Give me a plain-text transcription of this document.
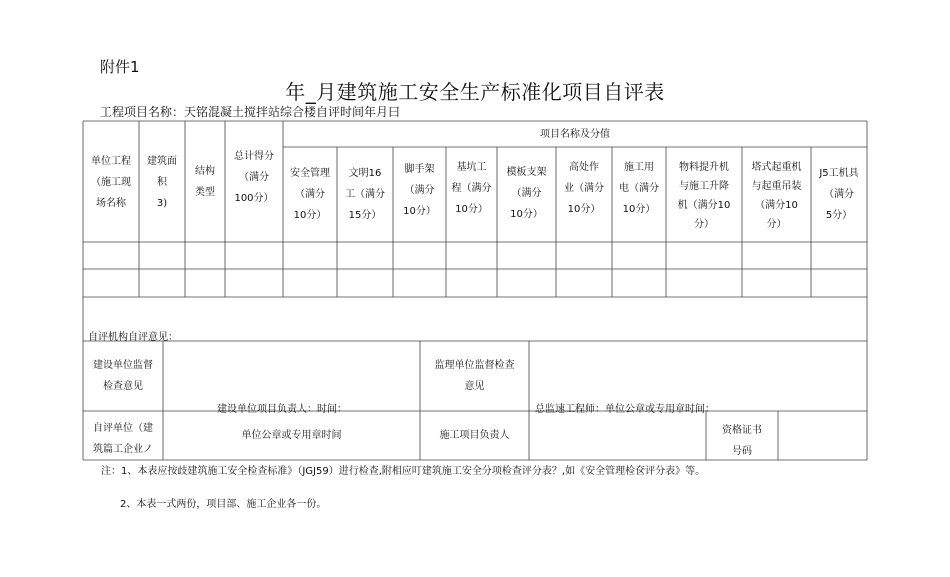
附件1
年_月建筑施工安全生产标准化项目自评表
工程项目名称：天铭混凝土搅拌站综合楼自评时间年月曰
项目名称及分值
单位工程
（施工现
场名称
建筑面
积
3)
结构
类型
总计得分
（满分
100分）
安全管理
（满分
10分）
文明16
工（满分
15分）
脚手架
（满分
10分）
基坑工
程（满分
10分）
模板支架
（满分
10分）
高处作
业（满分
10分）
施工用
电（满分
10分）
物料提升机
与施工升降
机（满分10
分）
塔式起重机
与起重吊装
（满分10
分）
J5工机具
（满分
5分）
自评机构自评意见：
建设单位监督
检查意见
建设单位项目负责人：时间：
监理单位监督检查
意见
总监速工程师：单位公章或专用章时间：
自评单位（建
筑篇工企业ノ
单位公章或专用章时间	施工项目负责人	资格证书
号码
注：1、本表应按歧建筑施工安全检查标准》（JGJ59）进行检查,附相应叮建筑施工安全分项检查评分表？,如《安全管理检奁评分表》等。
2、本表一式两份，项目部、施工企业各一份。
